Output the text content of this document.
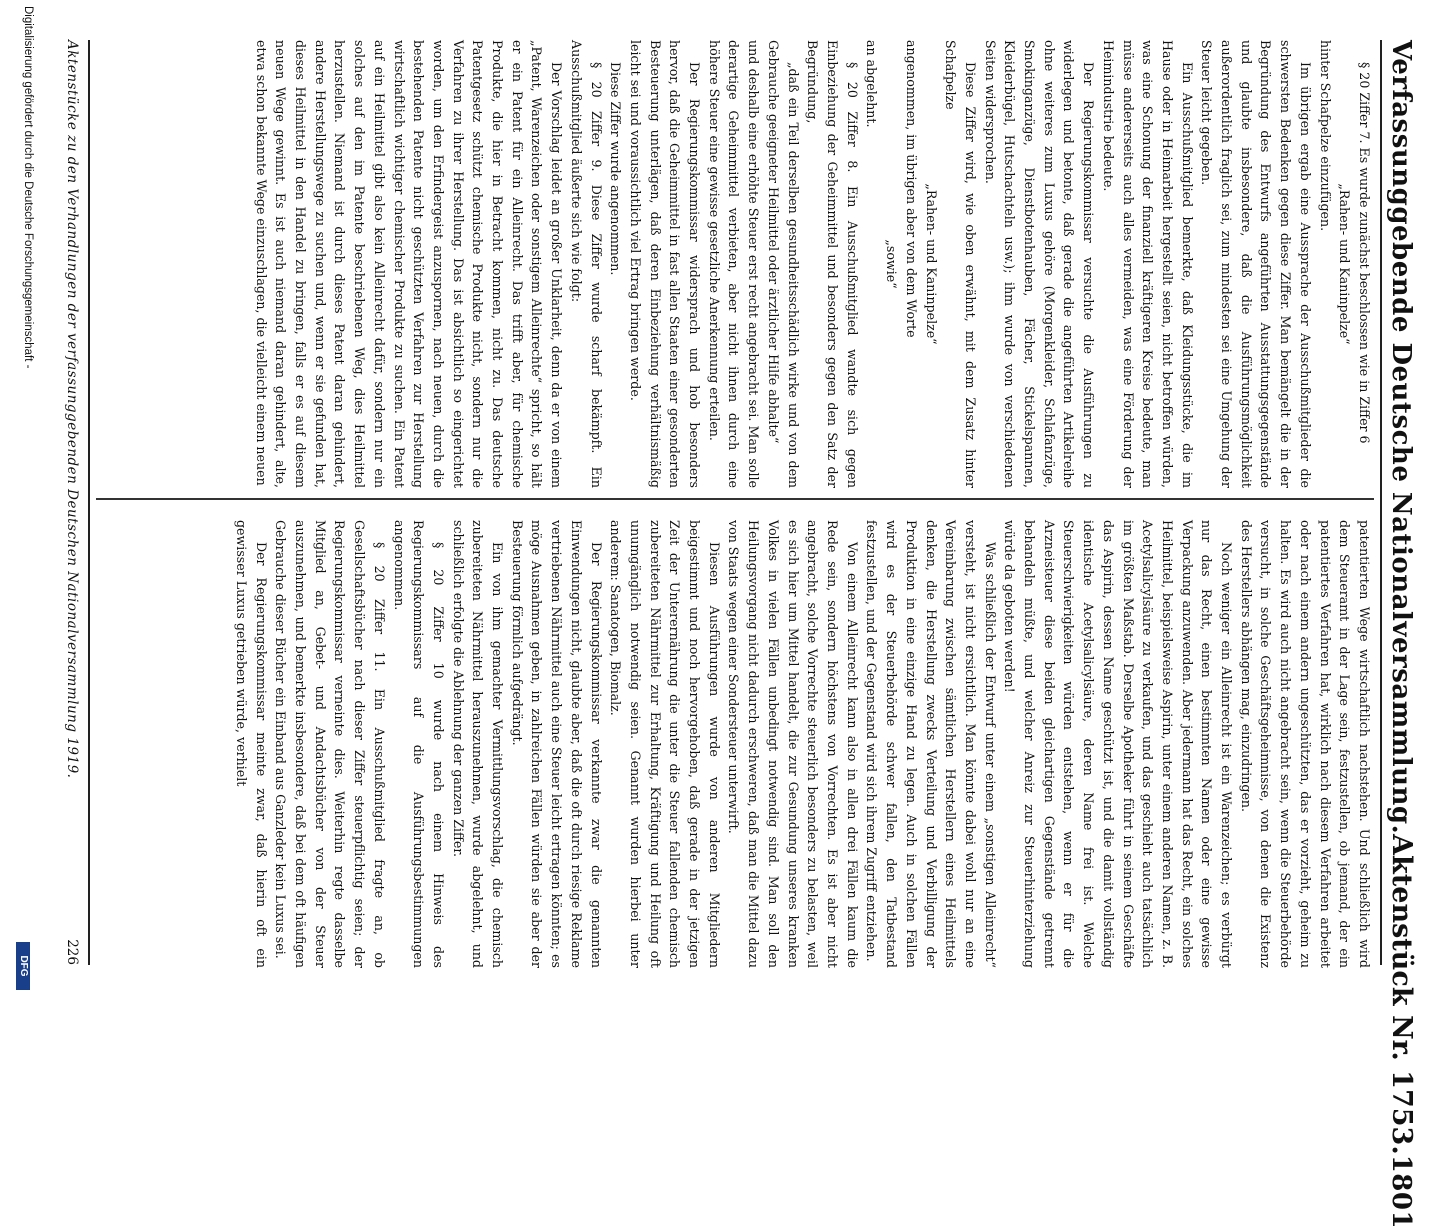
Verfassunggebende Deutsche Nationalversammlung.
Aktenstück Nr. 1753.
1801

§ 20 Ziffer 7. Es wurde zunächst beschlossen wie in Ziffer 6

„Rahen- und Kaninpelze“

hinter Schafpelze einzufügen.

Im übrigen ergab eine Aussprache der Ausschußmitglieder die schwersten Bedenken gegen diese Ziffer. Man bemängelt die in der Begründung des Entwurfs angeführten Ausstattungsgegenstände und glaubte insbesondere, daß die Ausführungsmöglichkeit außerordentlich fraglich sei, zum mindesten sei eine Umgehung der Steuer leicht gegeben.

Ein Ausschußmitglied bemerkte, daß Kleidungsstücke, die im Hause oder in Heimarbeit hergestellt seien, nicht betroffen würden, was eine Schonung der finanziell kräftigeren Kreise bedeute, man müsse andererseits auch alles vermeiden, was eine Förderung der Heimindustrie bedeute.

Der Regierungskommissar versuchte die Ausführungen zu widerlegen und betonte, daß gerade die angeführten Artikelreihe ohne weiteres zum Luxus gehöre (Morgenkleider, Schlafanzüge, Smokinganzüge, Dienstbotenhauben, Fächer, Stickelspannen, Kleiderbügel, Hutschachteln usw.); ihm wurde von verschiedenen Seiten widersprochen.

Diese Ziffer wird, wie oben erwähnt, mit dem Zusatz hinter Schafpelze

„Rahen- und Kaninpelze“

angenommen, im übrigen aber von dem Worte

„sowie“

an abgelehnt.

§ 20 Ziffer 8. Ein Ausschußmitglied wandte sich gegen Einbeziehung der Geheimmittel und besonders gegen den Satz der Begründung,

„daß ein Teil derselben gesundheitsschädlich wirke und von dem Gebrauche geeigneter Heilmittel oder ärztlicher Hilfe abhalte“

und deshalb eine erhöhte Steuer erst recht angebracht sei. Man solle derartige Geheimmittel verbieten, aber nicht ihnen durch eine höhere Steuer eine gewisse gesetzliche Anerkennung erteilen.

Der Regierungskommissar widersprach und hob besonders hervor, daß die Geheimmittel in fast allen Staaten einer gesonderten Besteuerung unterlägen, daß deren Einbeziehung verhältnismäßig leicht sei und voraussichtlich viel Ertrag bringen werde.

Diese Ziffer wurde angenommen.

§ 20 Ziffer 9. Diese Ziffer wurde scharf bekämpft. Ein Ausschußmitglied äußerte sich wie folgt:

Der Vorschlag leidet an großer Unklarheit, denn da er von einem „Patent, Warenzeichen oder sonstigem Alleinrechte“ spricht, so hält er ein Patent für ein Alleinrecht. Das trifft aber, für chemische Produkte, die hier in Betracht kommen, nicht zu. Das deutsche Patentgesetz schützt chemische Produkte nicht, sondern nur die Verfahren zu ihrer Herstellung. Das ist absichtlich so eingerichtet worden, um den Erfindergeist anzuspornen, nach neuen, durch die bestehenden Patente nicht geschützten Verfahren zur Herstellung wirtschaftlich wichtiger chemischer Produkte zu suchen. Ein Patent auf ein Heilmittel gibt also kein Alleinrecht dafür, sondern nur ein solches auf den im Patente beschriebenen Weg, dies Heilmittel herzustellen. Niemand ist durch dieses Patent daran gehindert, andere Herstellungswege zu suchen und, wenn er sie gefunden hat, dieses Heilmittel in den Handel zu bringen, falls er es auf diesem neuen Wege gewinnt. Es ist auch niemand daran gehindert, alte, etwa schon bekannte Wege einzuschlagen, die vielleicht einem neuen

patentierten Wege wirtschaftlich nachstehen. Und schließlich wird dem Steueramt in der Lage sein, festzustellen, ob jemand, der ein patentiertes Verfahren hat, wirklich nach diesem Verfahren arbeitet oder nach einem andern ungeschützten, das er vorzieht, geheim zu halten. Es wird auch nicht angebracht sein, wenn die Steuerbehörde versucht, in solche Geschäftsgeheimnisse, von denen die Existenz des Herstellers abhängen mag, einzudringen.

Noch weniger ein Alleinrecht ist ein Warenzeichen; es verbürgt nur das Recht, einen bestimmten Namen oder eine gewisse Verpackung anzuwenden. Aber jedermann hat das Recht, ein solches Heilmittel, beispielsweise Aspirin, unter einem anderen Namen, z. B. Acetylsalicylsäure zu verkaufen, und das geschieht auch tatsächlich im größten Maßstab. Derselbe Apotheker führt in seinem Geschäfte das Aspirin, dessen Name geschützt ist, und die damit vollständig identische Acetylsalicylsäure, deren Name frei ist. Welche Steuerschwierigkeiten würden entstehen, wenn er für die Arzneisteuer diese beiden gleichartigen Gegenstände getrennt behandeln müßte, und welcher Anreiz zur Steuerhinterziehung würde da geboten werden!

Was schließlich der Entwurf unter einem „sonstigen Alleinrecht“ versteht, ist nicht ersichtlich. Man könnte dabei wohl nur an eine Vereinbarung zwischen sämtlichen Herstellern eines Heilmittels denken, die Herstellung zwecks Verteilung und Verbilligung der Produktion in eine einzige Hand zu legen. Auch in solchen Fällen wird es der Steuerbehörde schwer fallen, den Tatbestand festzustellen, und der Gegenstand wird sich ihrem Zugriff entziehen.

Von einem Alleinrecht kann also in allen drei Fällen kaum die Rede sein, sondern höchstens von Vorrechten. Es ist aber nicht angebracht, solche Vorrechte steuerlich besonders zu belasten, weil es sich hier um Mittel handelt, die zur Gesundung unseres kranken Volkes in vielen Fällen unbedingt notwendig sind. Man soll den Heilungsvorgang nicht dadurch erschweren, daß man die Mittel dazu von Staats wegen einer Sondersteuer unterwirft.

Diesen Ausführungen wurde von anderen Mitgliedern beigestimmt und noch hervorgehoben, daß gerade in der jetzigen Zeit der Unterernährung die unter die Steuer fallenden chemisch zubereiteten Nährmittel zur Erhaltung, Kräftigung und Heilung oft unumgänglich notwendig seien. Genannt wurden hierbei unter anderem: Sanatogen, Biomalz.

Der Regierungskommissar verkannte zwar die genannten Einwendungen nicht, glaubte aber, daß die oft durch riesige Reklame vertriebenen Nährmittel auch eine Steuer leicht ertragen könnten; es möge Ausnahmen geben, in zahlreichen Fällen würden sie aber der Besteuerung förmlich aufgedrängt.

Ein von ihm gemachter Vermittlungsvorschlag, die chemisch zubereiteten Nährmittel herauszunehmen, wurde abgelehnt, und schließlich erfolgte die Ablehnung der ganzen Ziffer.

§ 20 Ziffer 10 wurde nach einem Hinweis des Regierungskommissars auf die Ausführungsbestimmungen angenommen.

§ 20 Ziffer 11. Ein Ausschußmitglied fragte an, ob Gesellschaftsbücher nach dieser Ziffer steuerpflichtig seien; der Regierungskommissar verneinte dies. Weiterhin regte dasselbe Mitglied an, Gebet- und Andachtsbücher von der Steuer auszunehmen, und bemerkte insbesondere, daß bei dem oft häufigen Gebrauche dieser Bücher ein Einband aus Ganzleder kein Luxus sei.

Der Regierungskommissar meinte zwar, daß hierin oft ein gewisser Luxus getrieben würde, verhielt

Aktenstücke zu den Verhandlungen der verfassunggebenden Deutschen Nationalversammlung 1919.
226
Digitalisierung gefördert durch die Deutsche Forschungsgemeinschaft -
DFG
